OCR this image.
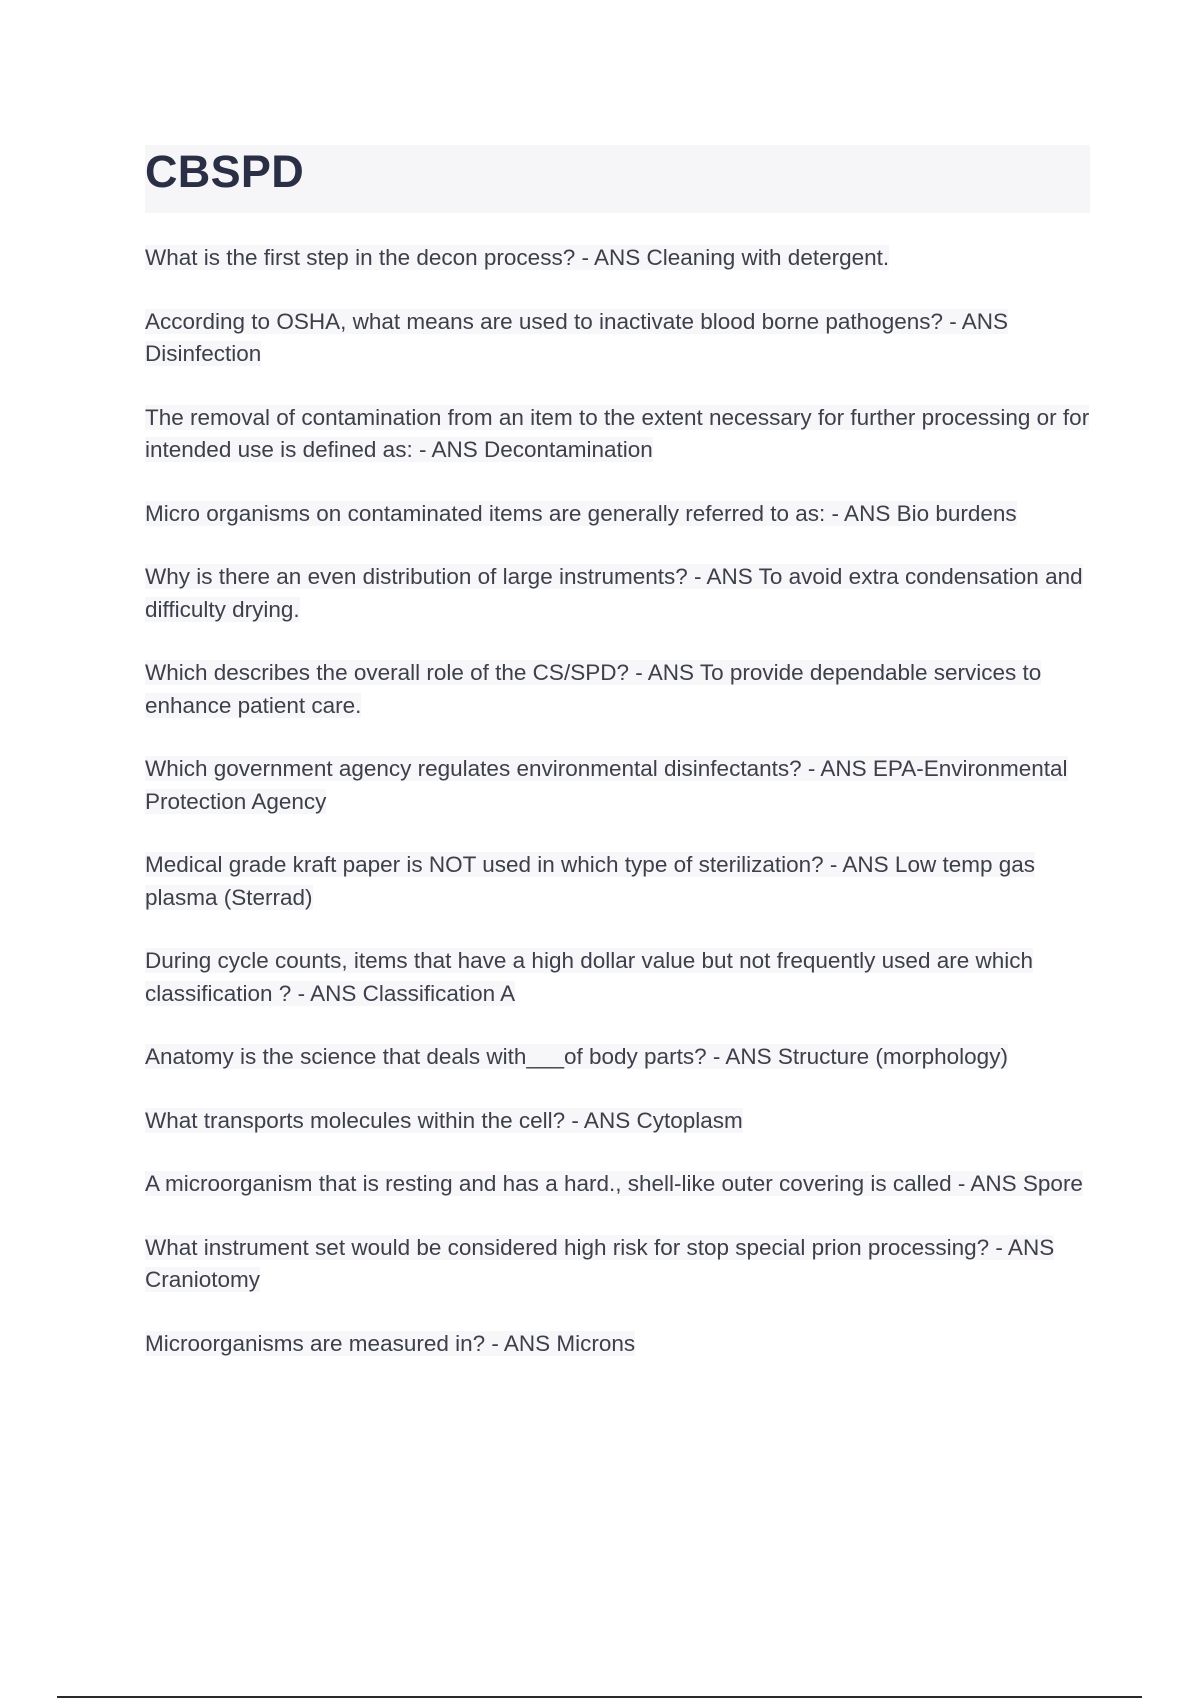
CBSPD
What is the first step in the decon process? - ANS Cleaning with detergent.
According to OSHA, what means are used to inactivate blood borne pathogens? - ANS Disinfection
The removal of contamination from an item to the extent necessary for further processing or for intended use is defined as: - ANS Decontamination
Micro organisms on contaminated items are generally referred to as: - ANS Bio burdens
Why is there an even distribution of large instruments? - ANS To avoid extra condensation and difficulty drying.
Which describes the overall role of the CS/SPD? - ANS To provide dependable services to enhance patient care.
Which government agency regulates environmental disinfectants? - ANS EPA-Environmental Protection Agency
Medical grade kraft paper is NOT used in which type of sterilization? - ANS Low temp gas plasma (Sterrad)
During cycle counts, items that have a high dollar value but not frequently used are which classification ? - ANS Classification A
Anatomy is the science that deals with___of body parts? - ANS Structure (morphology)
What transports molecules within the cell? - ANS Cytoplasm
A microorganism that is resting and has a hard., shell-like outer covering is called - ANS Spore
What instrument set would be considered high risk for stop special prion processing? - ANS Craniotomy
Microorganisms are measured in? - ANS Microns
